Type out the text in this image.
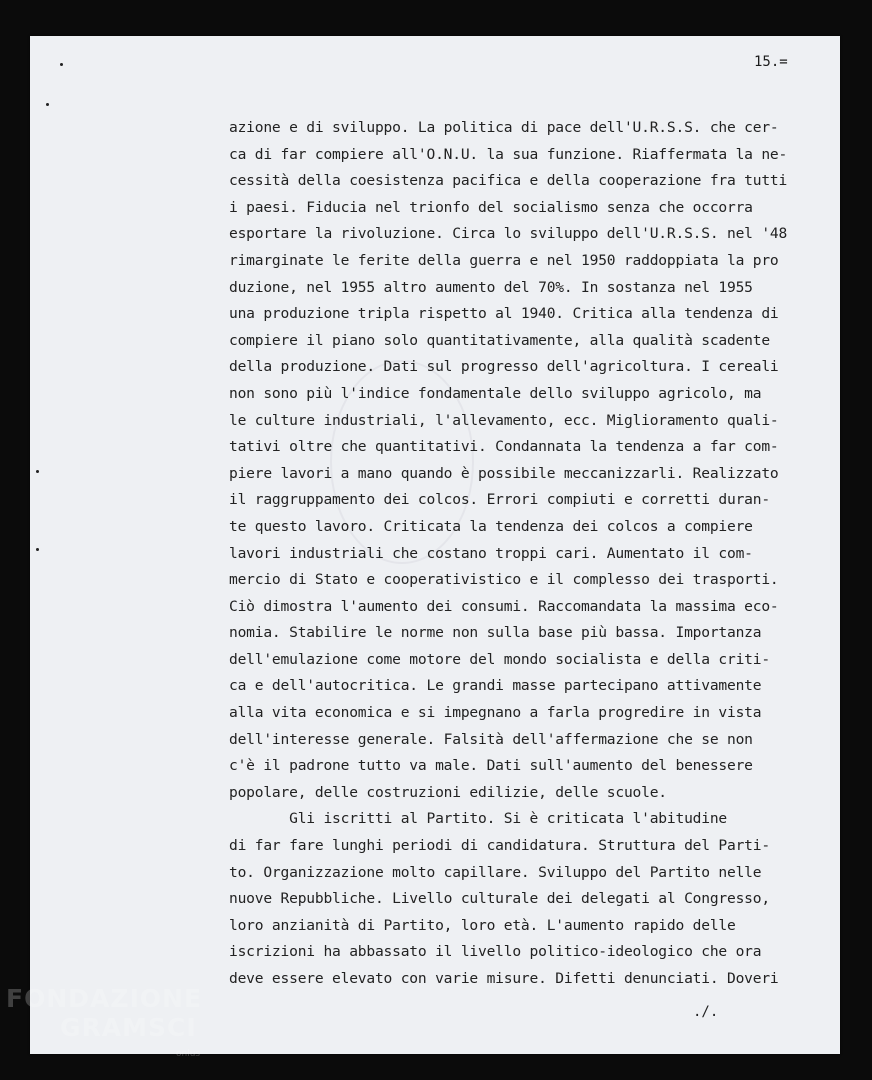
15.=
azione e di sviluppo. La politica di pace dell'U.R.S.S. che cer-
ca di far compiere all'O.N.U. la sua funzione. Riaffermata la ne-
cessità della coesistenza pacifica e della cooperazione fra tutti
i paesi. Fiducia nel trionfo del socialismo senza che occorra
esportare la rivoluzione. Circa lo sviluppo dell'U.R.S.S. nel '48
rimarginate le ferite della guerra e nel 1950 raddoppiata la pro
duzione, nel 1955 altro aumento del 70%. In sostanza nel 1955
una produzione tripla rispetto al 1940. Critica alla tendenza di
compiere il piano solo quantitativamente, alla qualità scadente
della produzione. Dati sul progresso dell'agricoltura. I cereali
non sono più l'indice fondamentale dello sviluppo agricolo, ma
le culture industriali, l'allevamento, ecc. Miglioramento quali-
tativi oltre che quantitativi. Condannata la tendenza a far com-
piere lavori a mano quando è possibile meccanizzarli. Realizzato
il raggruppamento dei colcos. Errori compiuti e corretti duran-
te questo lavoro. Criticata la tendenza dei colcos a compiere
lavori industriali che costano troppi cari. Aumentato il com-
mercio di Stato e cooperativistico e il complesso dei trasporti.
Ciò dimostra l'aumento dei consumi. Raccomandata la massima eco-
nomia. Stabilire le norme non sulla base più bassa. Importanza
dell'emulazione come motore del mondo socialista e della criti-
ca e dell'autocritica. Le grandi masse partecipano attivamente
alla vita economica e si impegnano a farla progredire in vista
dell'interesse generale. Falsità dell'affermazione che se non
c'è il padrone tutto va male. Dati sull'aumento del benessere
popolare, delle costruzioni edilizie, delle scuole.
Gli iscritti al Partito. Si è criticata l'abitudine
di far fare lunghi periodi di candidatura. Struttura del Parti-
to. Organizzazione molto capillare. Sviluppo del Partito nelle
nuove Repubbliche. Livello culturale dei delegati al Congresso,
loro anzianità di Partito, loro età. L'aumento rapido delle
iscrizioni ha abbassato il livello politico-ideologico che ora
deve essere elevato con varie misure. Difetti denunciati. Doveri
./.
FONDAZIONE
GRAMSCI
onlus
